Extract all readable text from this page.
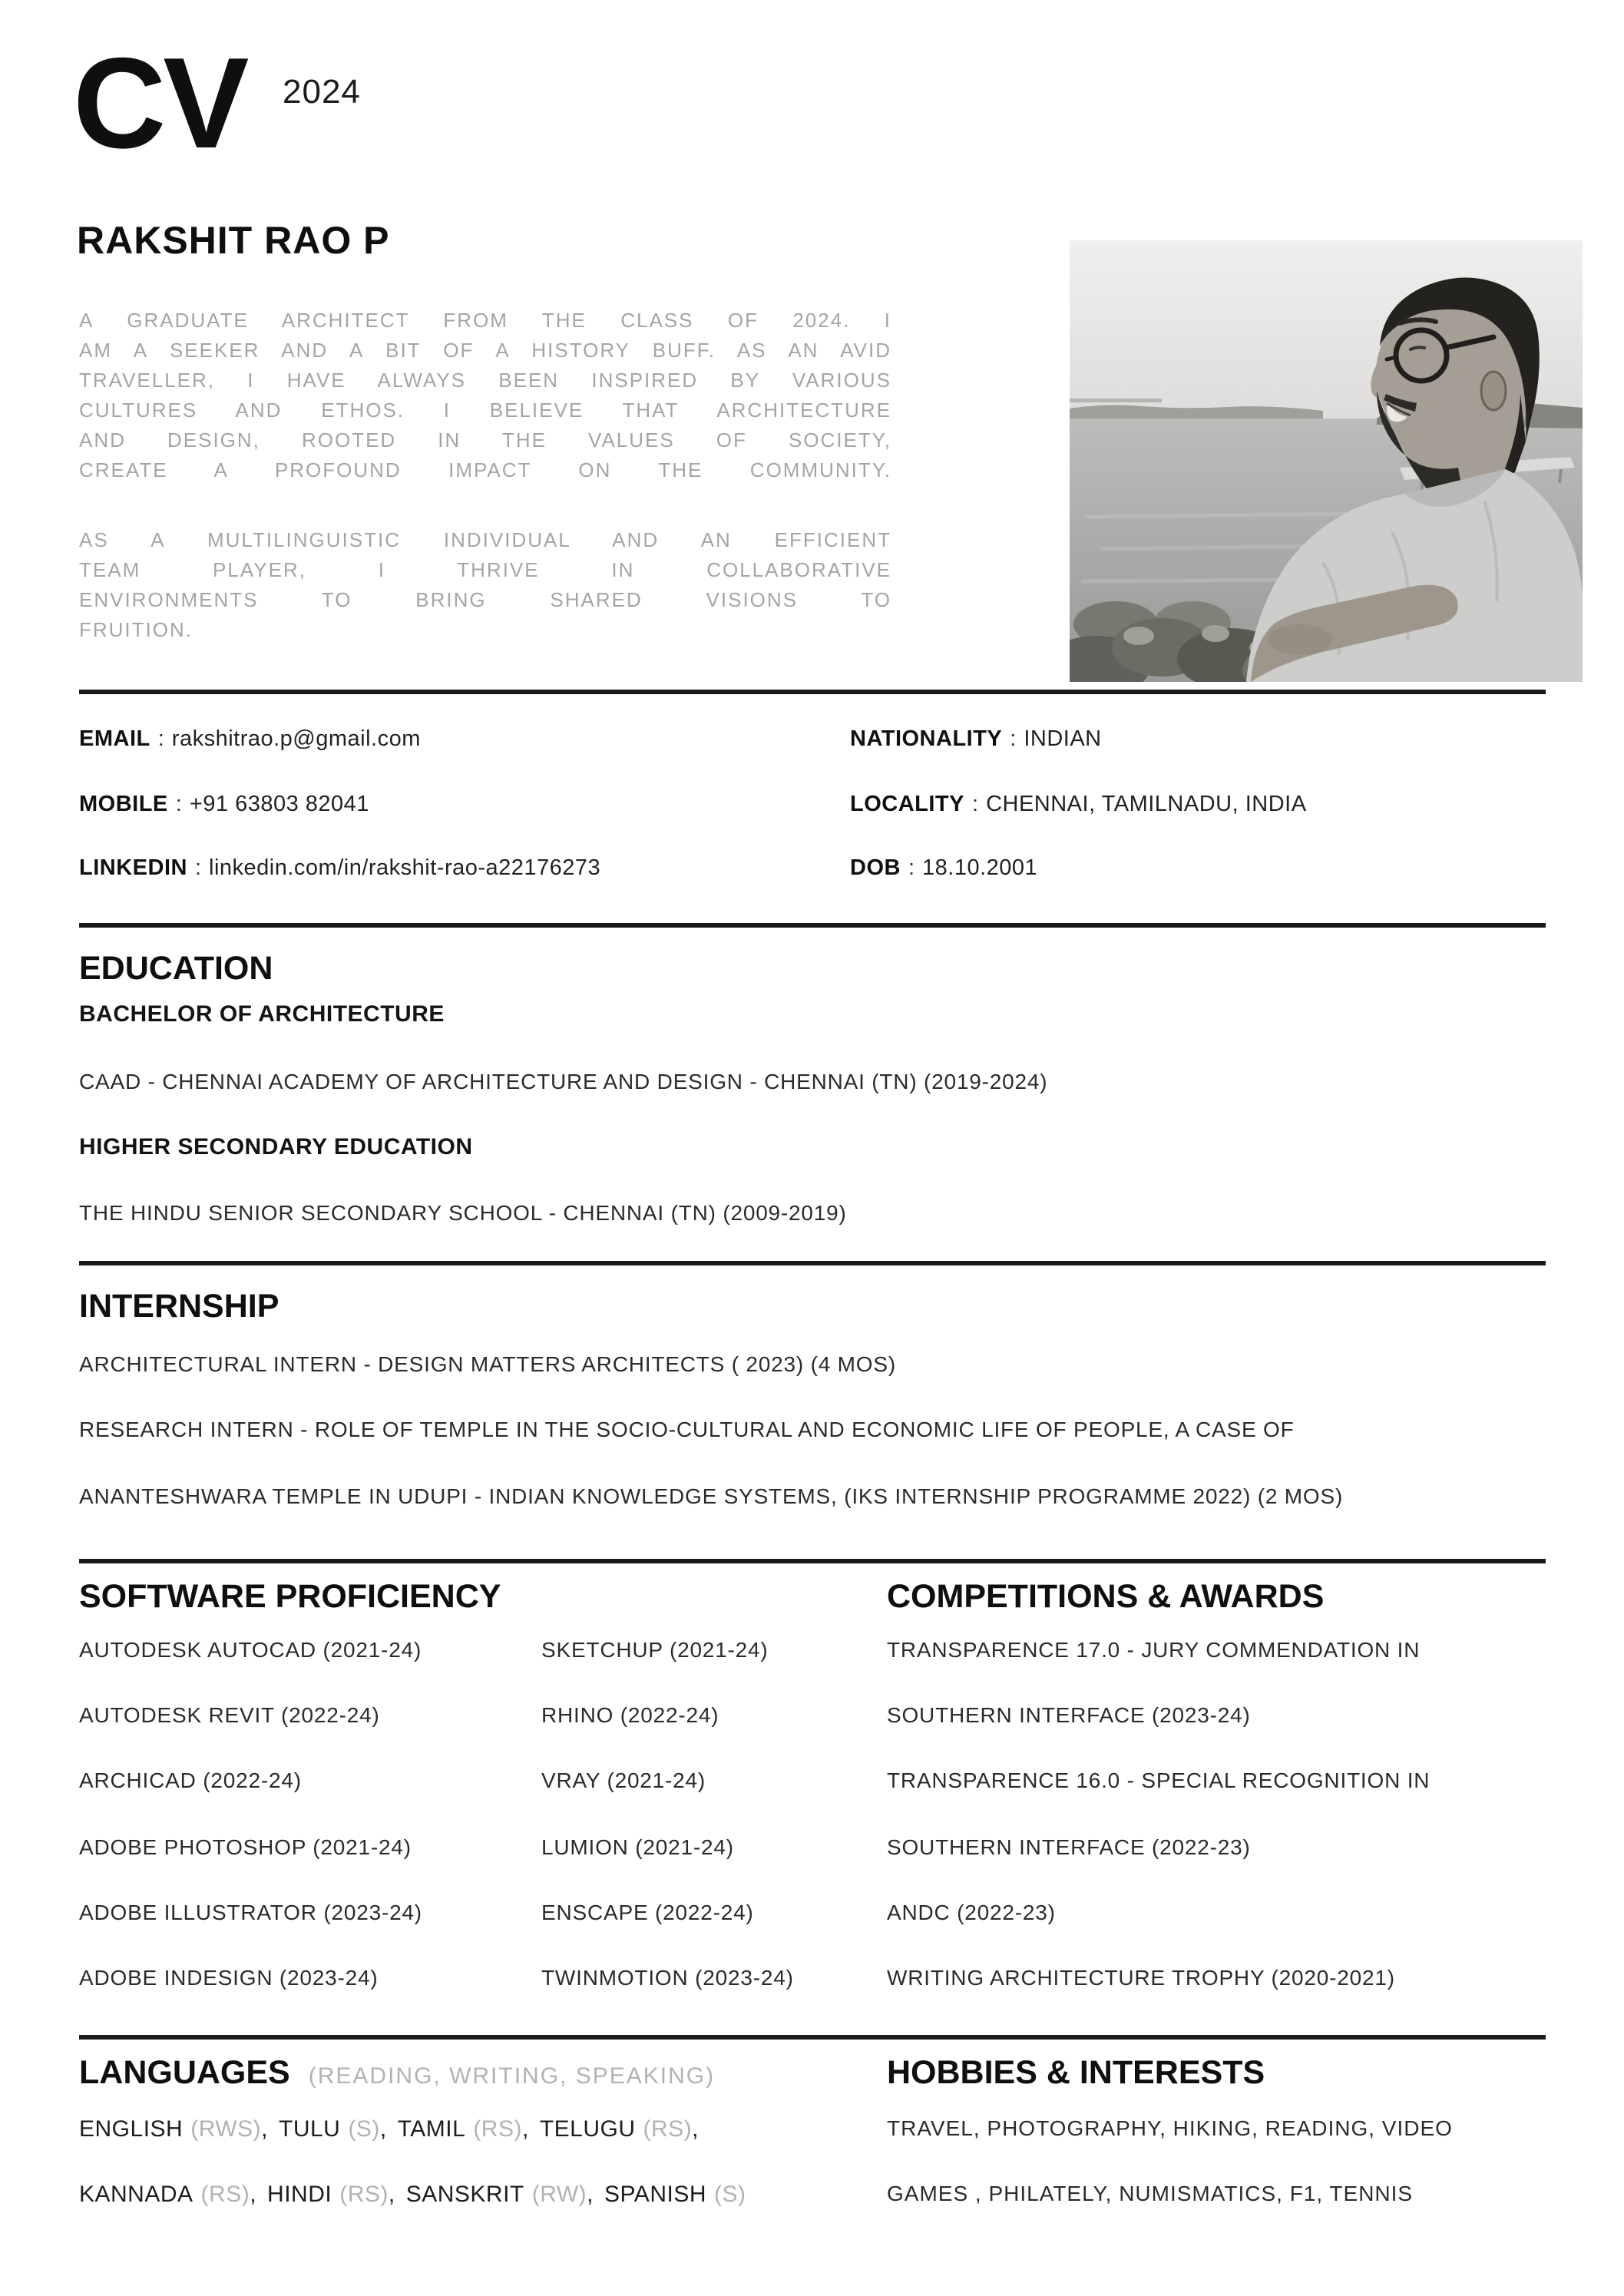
CV 2024
RAKSHIT RAO P
A GRADUATE ARCHITECT FROM THE CLASS OF 2024. I
AM A SEEKER AND A BIT OF A HISTORY BUFF. AS AN AVID
TRAVELLER, I HAVE ALWAYS BEEN INSPIRED BY VARIOUS
CULTURES AND ETHOS. I BELIEVE THAT ARCHITECTURE
AND DESIGN, ROOTED IN THE VALUES OF SOCIETY,
CREATE A PROFOUND IMPACT ON THE COMMUNITY.
AS A MULTILINGUISTIC INDIVIDUAL AND AN EFFICIENT
TEAM PLAYER, I THRIVE IN COLLABORATIVE
ENVIRONMENTS TO BRING SHARED VISIONS TO
FRUITION.
EMAIL : rakshitrao.p@gmail.com
MOBILE : +91 63803 82041
LINKEDIN : linkedin.com/in/rakshit-rao-a22176273
NATIONALITY : INDIAN
LOCALITY : CHENNAI, TAMILNADU, INDIA
DOB : 18.10.2001
EDUCATION
BACHELOR OF ARCHITECTURE
CAAD - CHENNAI ACADEMY OF ARCHITECTURE AND DESIGN - CHENNAI (TN) (2019-2024)
HIGHER SECONDARY EDUCATION
THE HINDU SENIOR SECONDARY SCHOOL - CHENNAI (TN) (2009-2019)
INTERNSHIP
ARCHITECTURAL INTERN - DESIGN MATTERS ARCHITECTS ( 2023) (4 MOS)
RESEARCH INTERN - ROLE OF TEMPLE IN THE SOCIO-CULTURAL AND ECONOMIC LIFE OF PEOPLE, A CASE OF
ANANTESHWARA TEMPLE IN UDUPI - INDIAN KNOWLEDGE SYSTEMS, (IKS INTERNSHIP PROGRAMME 2022) (2 MOS)
SOFTWARE PROFICIENCY
AUTODESK AUTOCAD (2021-24)
AUTODESK REVIT (2022-24)
ARCHICAD (2022-24)
ADOBE PHOTOSHOP (2021-24)
ADOBE ILLUSTRATOR (2023-24)
ADOBE INDESIGN (2023-24)
SKETCHUP (2021-24)
RHINO (2022-24)
VRAY (2021-24)
LUMION (2021-24)
ENSCAPE (2022-24)
TWINMOTION (2023-24)
COMPETITIONS & AWARDS
TRANSPARENCE 17.0 - JURY COMMENDATION IN
SOUTHERN INTERFACE (2023-24)
TRANSPARENCE 16.0 - SPECIAL RECOGNITION IN
SOUTHERN INTERFACE (2022-23)
ANDC (2022-23)
WRITING ARCHITECTURE TROPHY (2020-2021)
LANGUAGES (READING, WRITING, SPEAKING)
ENGLISH (RWS), TULU (S), TAMIL (RS), TELUGU (RS),
KANNADA (RS), HINDI (RS), SANSKRIT (RW), SPANISH (S)
HOBBIES & INTERESTS
TRAVEL, PHOTOGRAPHY, HIKING, READING, VIDEO
GAMES , PHILATELY, NUMISMATICS, F1, TENNIS
